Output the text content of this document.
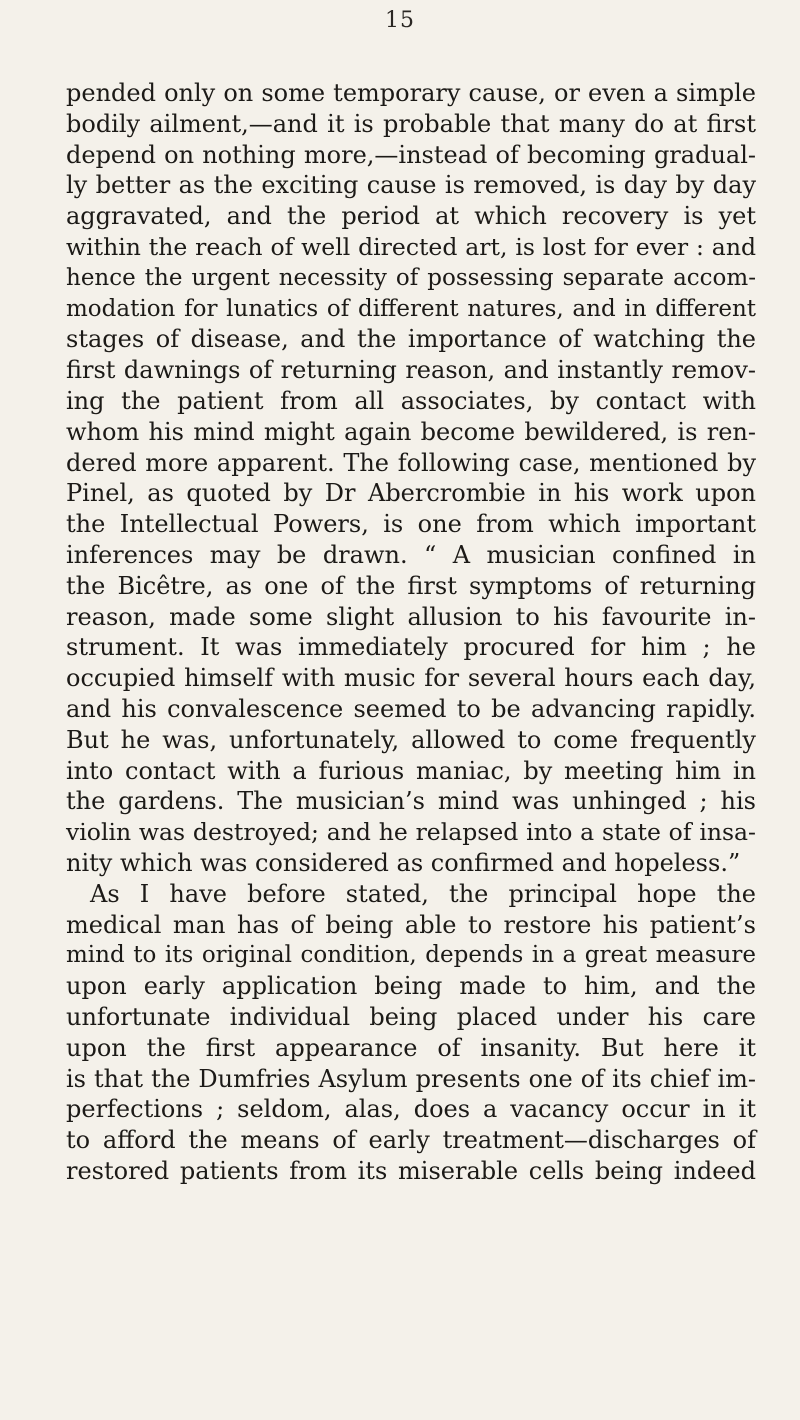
15
pended only on some temporary cause, or even a simple
bodily ailment,—and it is probable that many do at first
depend on nothing more,—instead of becoming gradual-
ly better as the exciting cause is removed, is day by day
aggravated, and the period at which recovery is yet
within the reach of well directed art, is lost for ever : and
hence the urgent necessity of possessing separate accom-
modation for lunatics of different natures, and in different
stages of disease, and the importance of watching the
first dawnings of returning reason, and instantly remov-
ing the patient from all associates, by contact with
whom his mind might again become bewildered, is ren-
dered more apparent. The following case, mentioned by
Pinel, as quoted by Dr Abercrombie in his work upon
the Intellectual Powers, is one from which important
inferences may be drawn. “ A musician confined in
the Bicêtre, as one of the first symptoms of returning
reason, made some slight allusion to his favourite in-
strument. It was immediately procured for him ; he
occupied himself with music for several hours each day,
and his convalescence seemed to be advancing rapidly.
But he was, unfortunately, allowed to come frequently
into contact with a furious maniac, by meeting him in
the gardens. The musician’s mind was unhinged ; his
violin was destroyed; and he relapsed into a state of insa-
nity which was considered as confirmed and hopeless.”
As I have before stated, the principal hope the
medical man has of being able to restore his patient’s
mind to its original condition, depends in a great measure
upon early application being made to him, and the
unfortunate individual being placed under his care
upon the first appearance of insanity. But here it
is that the Dumfries Asylum presents one of its chief im-
perfections ; seldom, alas, does a vacancy occur in it
to afford the means of early treatment—discharges of
restored patients from its miserable cells being indeed
